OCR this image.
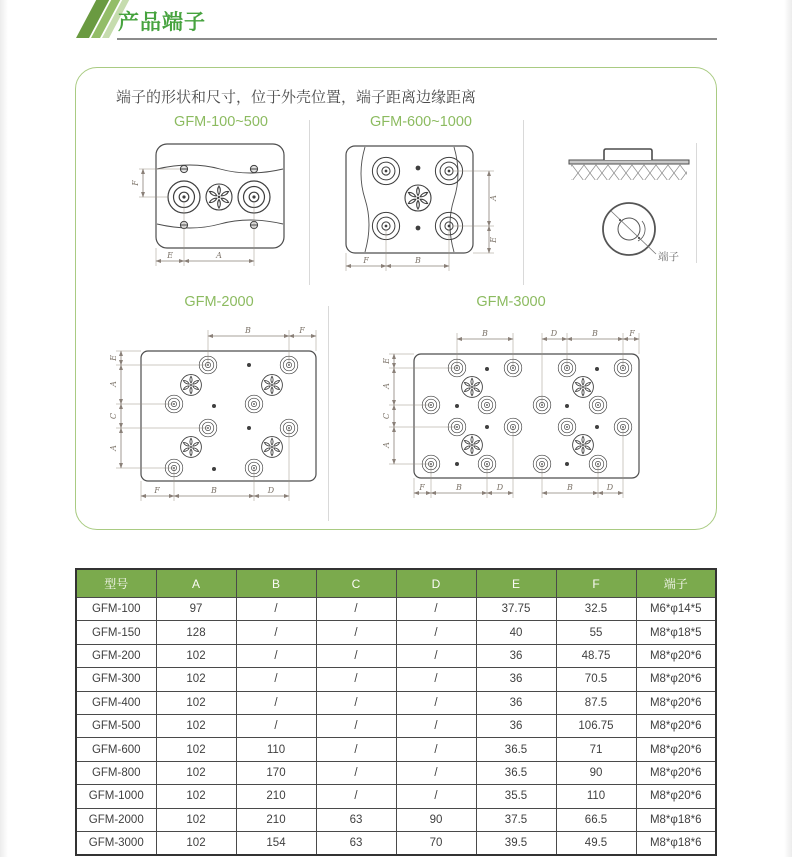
产品端子
端子的形状和尺寸，位于外壳位置，端子距离边缘距离
GFM-100~500	GFM-600~1000
GFM-2000	GFM-3000
F
E	A
A
E
F	B	端子
B	F
E
A
C
A
F	B	D
B	D	B	F
E
A
C
A
F	B	D	B	D
型号	A	B	C	D	E	F	端子
GFM-100	97	/	/	/	37.75	32.5	M6*φ14*5
GFM-150	128	/	/	/	40	55	M8*φ18*5
GFM-200	102	/	/	/	36	48.75	M8*φ20*6
GFM-300	102	/	/	/	36	70.5	M8*φ20*6
GFM-400	102	/	/	/	36	87.5	M8*φ20*6
GFM-500	102	/	/	/	36	106.75	M8*φ20*6
GFM-600	102	110	/	/	36.5	71	M8*φ20*6
GFM-800	102	170	/	/	36.5	90	M8*φ20*6
GFM-1000	102	210	/	/	35.5	110	M8*φ20*6
GFM-2000	102	210	63	90	37.5	66.5	M8*φ18*6
GFM-3000	102	154	63	70	39.5	49.5	M8*φ18*6
